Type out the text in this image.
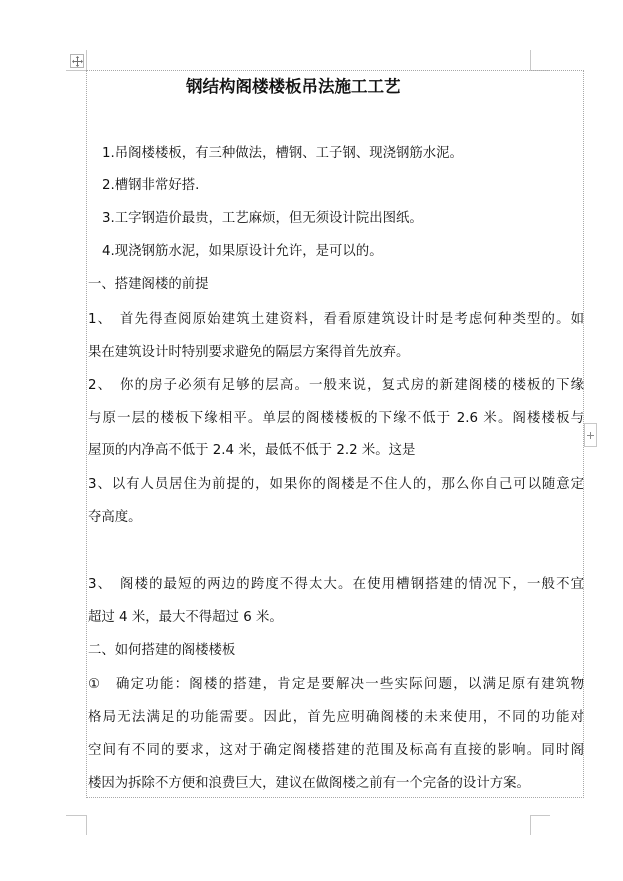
钢结构阁楼楼板吊法施工工艺
1.吊阁楼楼板，有三种做法，槽钢、工子钢、现浇钢筋水泥。
2.槽钢非常好搭.
3.工字钢造价最贵，工艺麻烦，但无须设计院出图纸。
4.现浇钢筋水泥，如果原设计允许，是可以的。
一、搭建阁楼的前提
1、　首先得查阅原始建筑土建资料，看看原建筑设计时是考虑何种类型的。如
果在建筑设计时特别要求避免的隔层方案得首先放弃。
2、　你的房子必须有足够的层高。一般来说，复式房的新建阁楼的楼板的下缘
与原一层的楼板下缘相平。单层的阁楼楼板的下缘不低于 2.6 米。阁楼楼板与
屋顶的内净高不低于 2.4 米，最低不低于 2.2 米。这是
3、以有人员居住为前提的，如果你的阁楼是不住人的，那么你自己可以随意定
夺高度。
3、　阁楼的最短的两边的跨度不得太大。在使用槽钢搭建的情况下，一般不宜
超过 4 米，最大不得超过 6 米。
二、如何搭建的阁楼楼板
①　确定功能：阁楼的搭建，肯定是要解决一些实际问题，以满足原有建筑物
格局无法满足的功能需要。因此，首先应明确阁楼的未来使用，不同的功能对
空间有不同的要求，这对于确定阁楼搭建的范围及标高有直接的影响。同时阁
楼因为拆除不方便和浪费巨大，建议在做阁楼之前有一个完备的设计方案。
